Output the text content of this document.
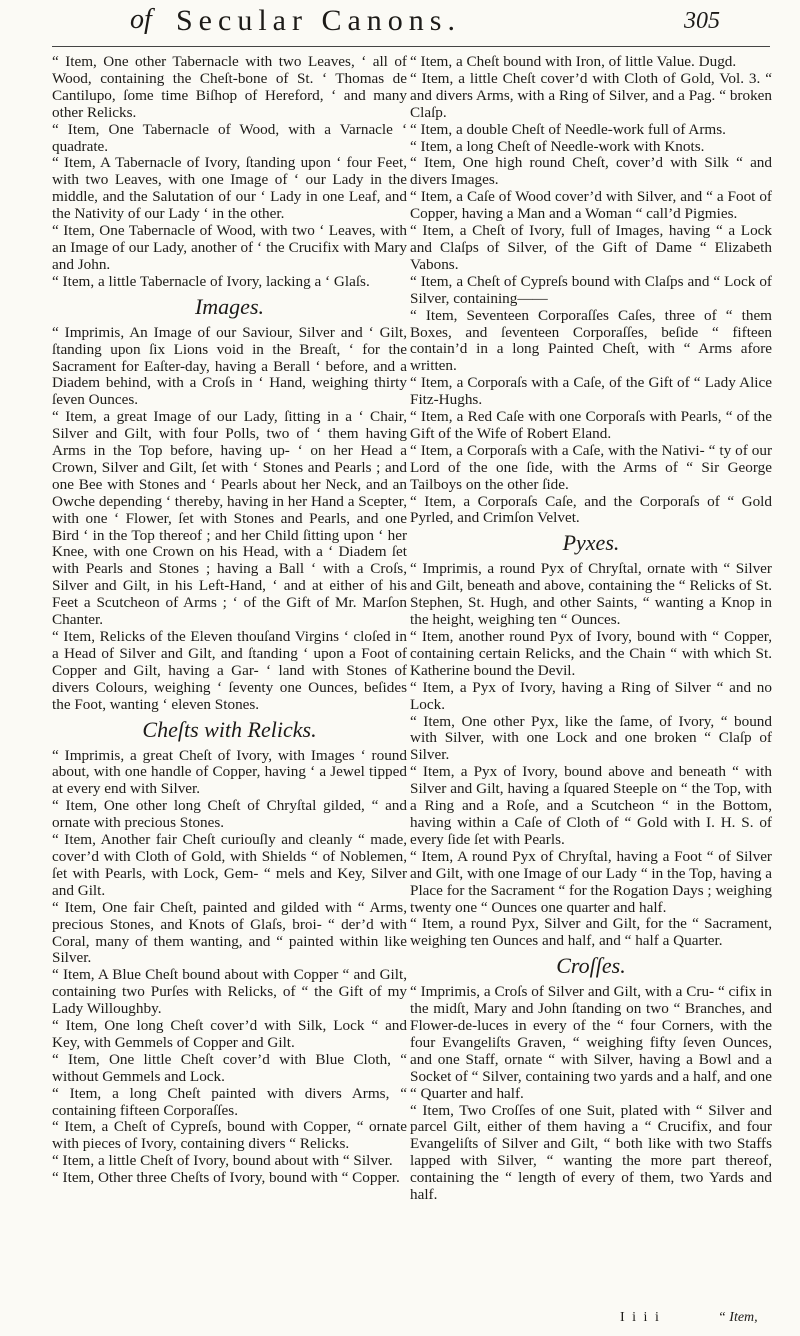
of Secular Canons.	305

“ Item, One other Tabernacle with two Leaves, ‘ all of Wood, containing the Cheſt-bone of St. ‘ Thomas de Cantilupo, ſome time Biſhop of Hereford, ‘ and many other Relicks.

“ Item, One Tabernacle of Wood, with a Varnacle ‘ quadrate.

“ Item, A Tabernacle of Ivory, ſtanding upon ‘ four Feet, with two Leaves, with one Image of ‘ our Lady in the middle, and the Salutation of our ‘ Lady in one Leaf, and the Nativity of our Lady ‘ in the other.

“ Item, One Tabernacle of Wood, with two ‘ Leaves, with an Image of our Lady, another of ‘ the Crucifix with Mary and John.

“ Item, a little Tabernacle of Ivory, lacking a ‘ Glaſs.

Images.

“ Imprimis, An Image of our Saviour, Silver and ‘ Gilt, ſtanding upon ſix Lions void in the Breaſt, ‘ for the Sacrament for Eaſter-day, having a Berall ‘ before, and a Diadem behind, with a Croſs in ‘ Hand, weighing thirty ſeven Ounces.

“ Item, a great Image of our Lady, ſitting in a ‘ Chair, Silver and Gilt, with four Polls, two of ‘ them having Arms in the Top before, having up- ‘ on her Head a Crown, Silver and Gilt, ſet with ‘ Stones and Pearls ; and one Bee with Stones and ‘ Pearls about her Neck, and an Owche depending ‘ thereby, having in her Hand a Scepter, with one ‘ Flower, ſet with Stones and Pearls, and one Bird ‘ in the Top thereof ; and her Child ſitting upon ‘ her Knee, with one Crown on his Head, with a ‘ Diadem ſet with Pearls and Stones ; having a Ball ‘ with a Croſs, Silver and Gilt, in his Left-Hand, ‘ and at either of his Feet a Scutcheon of Arms ; ‘ of the Gift of Mr. Marſon Chanter.

“ Item, Relicks of the Eleven thouſand Virgins ‘ cloſed in a Head of Silver and Gilt, and ſtanding ‘ upon a Foot of Copper and Gilt, having a Gar- ‘ land with Stones of divers Colours, weighing ‘ ſeventy one Ounces, beſides the Foot, wanting ‘ eleven Stones.

Cheſts with Relicks.

“ Imprimis, a great Cheſt of Ivory, with Images ‘ round about, with one handle of Copper, having ‘ a Jewel tipped at every end with Silver.

“ Item, One other long Cheſt of Chryſtal gilded, “ and ornate with precious Stones.

“ Item, Another fair Cheſt curiouſly and cleanly “ made, cover’d with Cloth of Gold, with Shields “ of Noblemen, ſet with Pearls, with Lock, Gem- “ mels and Key, Silver and Gilt.

“ Item, One fair Cheſt, painted and gilded with “ Arms, precious Stones, and Knots of Glaſs, broi- “ der’d with Coral, many of them wanting, and “ painted within like Silver.

“ Item, A Blue Cheſt bound about with Copper “ and Gilt, containing two Purſes with Relicks, of “ the Gift of my Lady Willoughby.

“ Item, One long Cheſt cover’d with Silk, Lock “ and Key, with Gemmels of Copper and Gilt.

“ Item, One little Cheſt cover’d with Blue Cloth, “ without Gemmels and Lock.

“ Item, a long Cheſt painted with divers Arms, “ containing fifteen Corporaſſes.

“ Item, a Cheſt of Cypreſs, bound with Copper, “ ornate with pieces of Ivory, containing divers “ Relicks.

“ Item, a little Cheſt of Ivory, bound about with “ Silver.

“ Item, Other three Cheſts of Ivory, bound with “ Copper.

“ Item, a Cheſt bound with Iron, of little Value. Dugd.

“ Item, a little Cheſt cover’d with Cloth of Gold, Vol. 3. “ and divers Arms, with a Ring of Silver, and a Pag. “ broken Claſp.

“ Item, a double Cheſt of Needle-work full of Arms.

“ Item, a long Cheſt of Needle-work with Knots.

“ Item, One high round Cheſt, cover’d with Silk “ and divers Images.

“ Item, a Caſe of Wood cover’d with Silver, and “ a Foot of Copper, having a Man and a Woman “ call’d Pigmies.

“ Item, a Cheſt of Ivory, full of Images, having “ a Lock and Claſps of Silver, of the Gift of Dame “ Elizabeth Vabons.

“ Item, a Cheſt of Cypreſs bound with Claſps and “ Lock of Silver, containing——

“ Item, Seventeen Corporaſſes Caſes, three of “ them Boxes, and ſeventeen Corporaſſes, beſide “ fifteen contain’d in a long Painted Cheſt, with “ Arms afore written.

“ Item, a Corporaſs with a Caſe, of the Gift of “ Lady Alice Fitz-Hughs.

“ Item, a Red Caſe with one Corporaſs with Pearls, “ of the Gift of the Wife of Robert Eland.

“ Item, a Corporaſs with a Caſe, with the Nativi- “ ty of our Lord of the one ſide, with the Arms of “ Sir George Tailboys on the other ſide.

“ Item, a Corporaſs Caſe, and the Corporaſs of “ Gold Pyrled, and Crimſon Velvet.

Pyxes.

“ Imprimis, a round Pyx of Chryſtal, ornate with “ Silver and Gilt, beneath and above, containing the “ Relicks of St. Stephen, St. Hugh, and other Saints, “ wanting a Knop in the height, weighing ten “ Ounces.

“ Item, another round Pyx of Ivory, bound with “ Copper, containing certain Relicks, and the Chain “ with which St. Katherine bound the Devil.

“ Item, a Pyx of Ivory, having a Ring of Silver “ and no Lock.

“ Item, One other Pyx, like the ſame, of Ivory, “ bound with Silver, with one Lock and one broken “ Claſp of Silver.

“ Item, a Pyx of Ivory, bound above and beneath “ with Silver and Gilt, having a ſquared Steeple on “ the Top, with a Ring and a Roſe, and a Scutcheon “ in the Bottom, having within a Caſe of Cloth of “ Gold with I. H. S. of every ſide ſet with Pearls.

“ Item, A round Pyx of Chryſtal, having a Foot “ of Silver and Gilt, with one Image of our Lady “ in the Top, having a Place for the Sacrament “ for the Rogation Days ; weighing twenty one “ Ounces one quarter and half.

“ Item, a round Pyx, Silver and Gilt, for the “ Sacrament, weighing ten Ounces and half, and “ half a Quarter.

Croſſes.

“ Imprimis, a Croſs of Silver and Gilt, with a Cru- “ cifix in the midſt, Mary and John ſtanding on two “ Branches, and Flower-de-luces in every of the “ four Corners, with the four Evangeliſts Graven, “ weighing fifty ſeven Ounces, and one Staff, ornate “ with Silver, having a Bowl and a Socket of “ Silver, containing two yards and a half, and one “ Quarter and half.

“ Item, Two Croſſes of one Suit, plated with “ Silver and parcel Gilt, either of them having a “ Crucifix, and four Evangeliſts of Silver and Gilt, “ both like with two Staffs lapped with Silver, “ wanting the more part thereof, containing the “ length of every of them, two Yards and half.

I i i i	“ Item,
